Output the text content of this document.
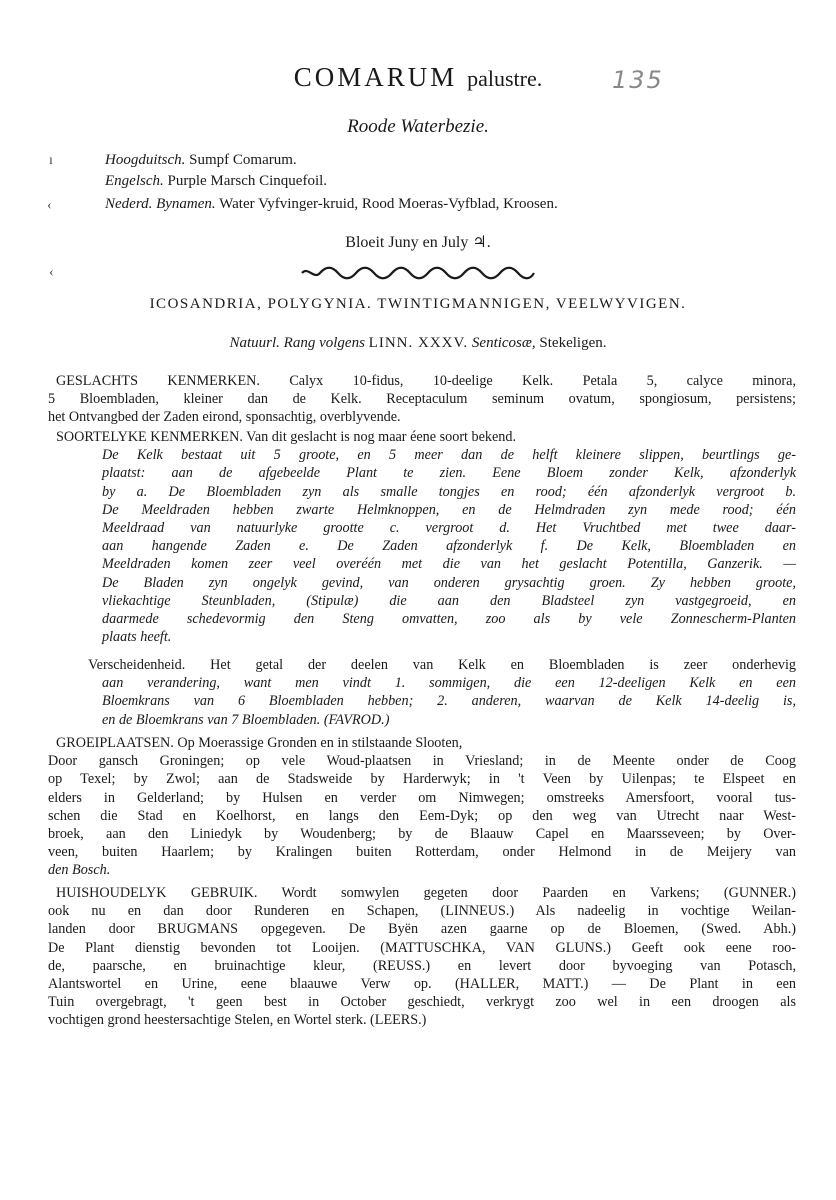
COMARUM palustre.	135
Roode Waterbezie.
ı
‹
‹
Hoogduitsch. Sumpf Comarum.
Engelsch. Purple Marsch Cinquefoil.
Nederd. Bynamen. Water Vyfvinger-kruid, Rood Moeras-Vyfblad, Kroosen.
Bloeit Juny en July ♃.
ICOSANDRIA, POLYGYNIA. TWINTIGMANNIGEN, VEELWYVIGEN.
Natuurl. Rang volgens LINN. XXXV. Senticosæ, Stekeligen.

GESLACHTS KENMERKEN. Calyx 10-fidus, 10-deelige Kelk. Petala 5, calyce minora,

5 Bloembladen, kleiner dan de Kelk. Receptaculum seminum ovatum, spongiosum, persistens;

het Ontvangbed der Zaden eirond, sponsachtig, overblyvende.

SOORTELYKE KENMERKEN. Van dit geslacht is nog maar éene soort bekend.

De Kelk bestaat uit 5 groote, en 5 meer dan de helft kleinere slippen, beurtlings ge-

plaatst: aan de afgebeelde Plant te zien. Eene Bloem zonder Kelk, afzonderlyk

by a. De Bloembladen zyn als smalle tongjes en rood; één afzonderlyk vergroot b.

De Meeldraden hebben zwarte Helmknoppen, en de Helmdraden zyn mede rood; één

Meeldraad van natuurlyke grootte c. vergroot d. Het Vruchtbed met twee daar-

aan hangende Zaden e. De Zaden afzonderlyk f. De Kelk, Bloembladen en

Meeldraden komen zeer veel overéén met die van het geslacht Potentilla, Ganzerik. —

De Bladen zyn ongelyk gevind, van onderen grysachtig groen. Zy hebben groote,

vliekachtige Steunbladen, (Stipulæ) die aan den Bladsteel zyn vastgegroeid, en

daarmede schedevormig den Steng omvatten, zoo als by vele Zonnescherm-Planten

plaats heeft.

Verscheidenheid. Het getal der deelen van Kelk en Bloembladen is zeer onderhevig

aan verandering, want men vindt 1. sommigen, die een 12-deeligen Kelk en een

Bloemkrans van 6 Bloembladen hebben; 2. anderen, waarvan de Kelk 14-deelig is,

en de Bloemkrans van 7 Bloembladen. (FAVROD.)

GROEIPLAATSEN. Op Moerassige Gronden en in stilstaande Slooten,

Door gansch Groningen; op vele Woud-plaatsen in Vriesland; in de Meente onder de Coog

op Texel; by Zwol; aan de Stadsweide by Harderwyk; in 't Veen by Uilenpas; te Elspeet en

elders in Gelderland; by Hulsen en verder om Nimwegen; omstreeks Amersfoort, vooral tus-

schen die Stad en Koelhorst, en langs den Eem-Dyk; op den weg van Utrecht naar West-

broek, aan den Liniedyk by Woudenberg; by de Blaauw Capel en Maarsseveen; by Over-

veen, buiten Haarlem; by Kralingen buiten Rotterdam, onder Helmond in de Meijery van

den Bosch.

HUISHOUDELYK GEBRUIK. Wordt somwylen gegeten door Paarden en Varkens; (GUNNER.)

ook nu en dan door Runderen en Schapen, (LINNEUS.) Als nadeelig in vochtige Weilan-

landen door BRUGMANS opgegeven. De Byën azen gaarne op de Bloemen, (Swed. Abh.)

De Plant dienstig bevonden tot Looijen. (MATTUSCHKA, VAN GLUNS.) Geeft ook eene roo-

de, paarsche, en bruinachtige kleur, (REUSS.) en levert door byvoeging van Potasch,

Alantswortel en Urine, eene blaauwe Verw op. (HALLER, MATT.) — De Plant in een

Tuin overgebragt, 't geen best in October geschiedt, verkrygt zoo wel in een droogen als

vochtigen grond heestersachtige Stelen, en Wortel sterk. (LEERS.)
